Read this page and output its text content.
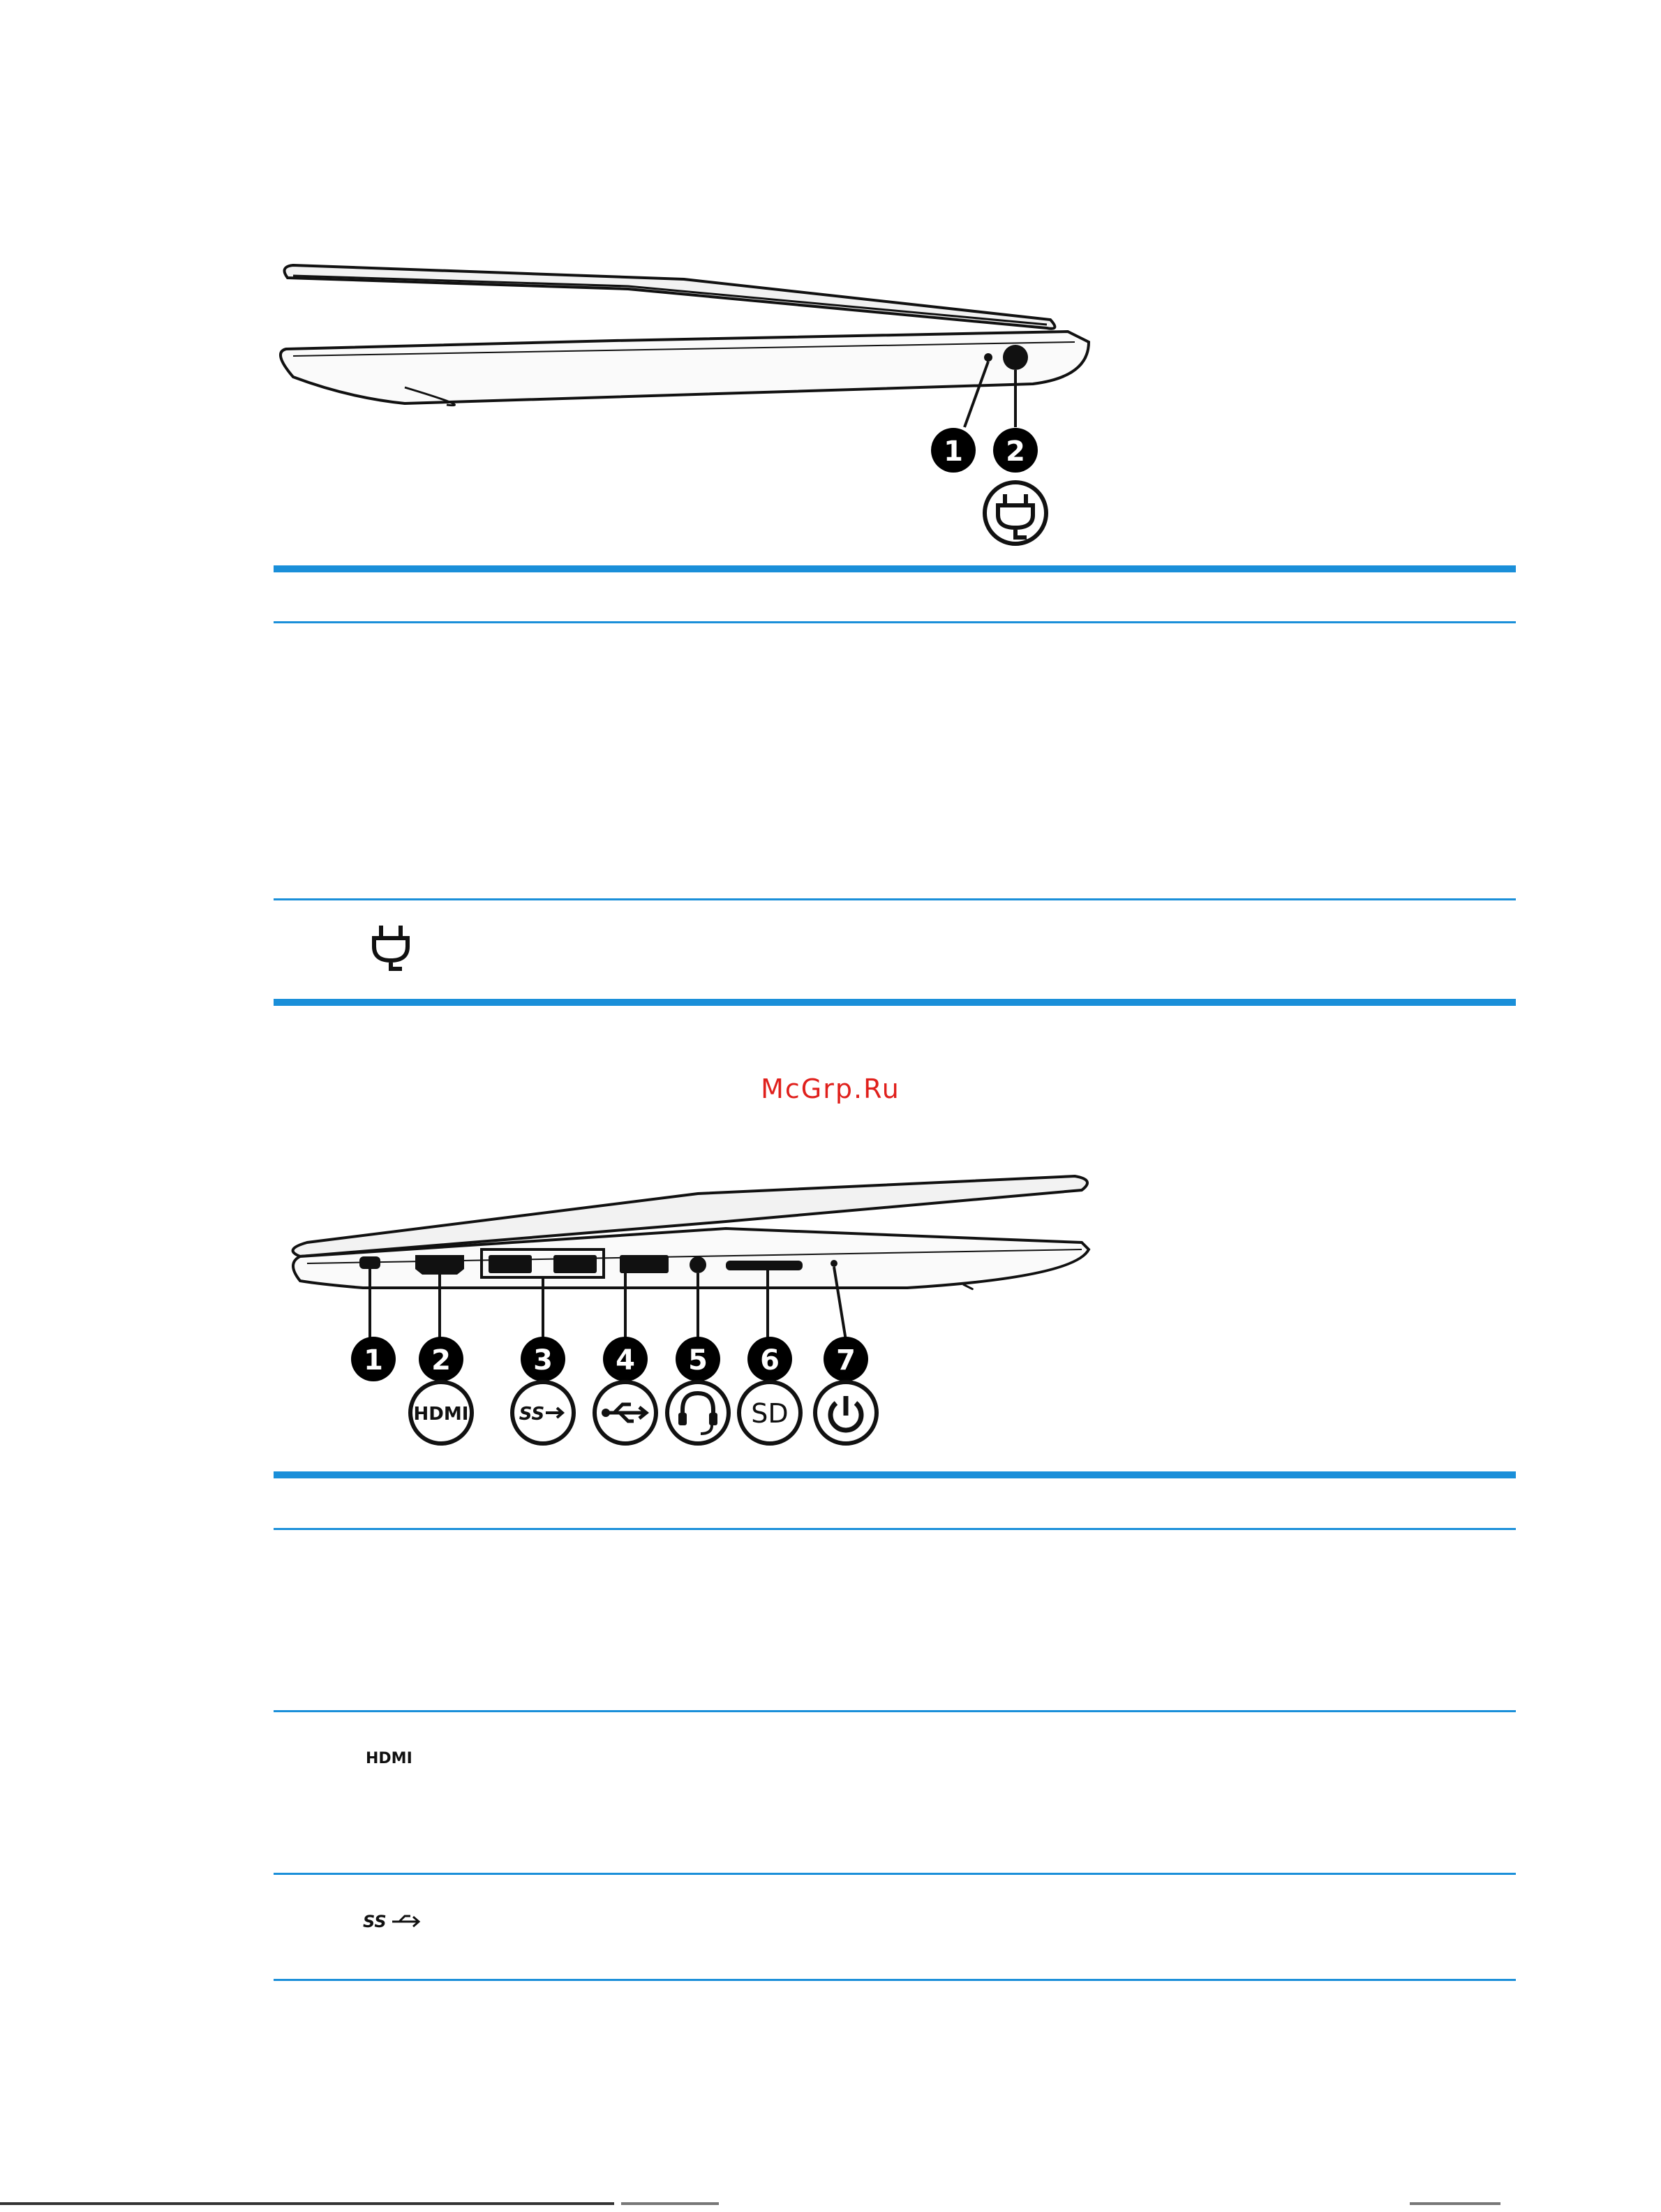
1 2
McGrp.Ru
1 2	3 4 5 6 7
HDMI	SS	SD
HDMI
SS
